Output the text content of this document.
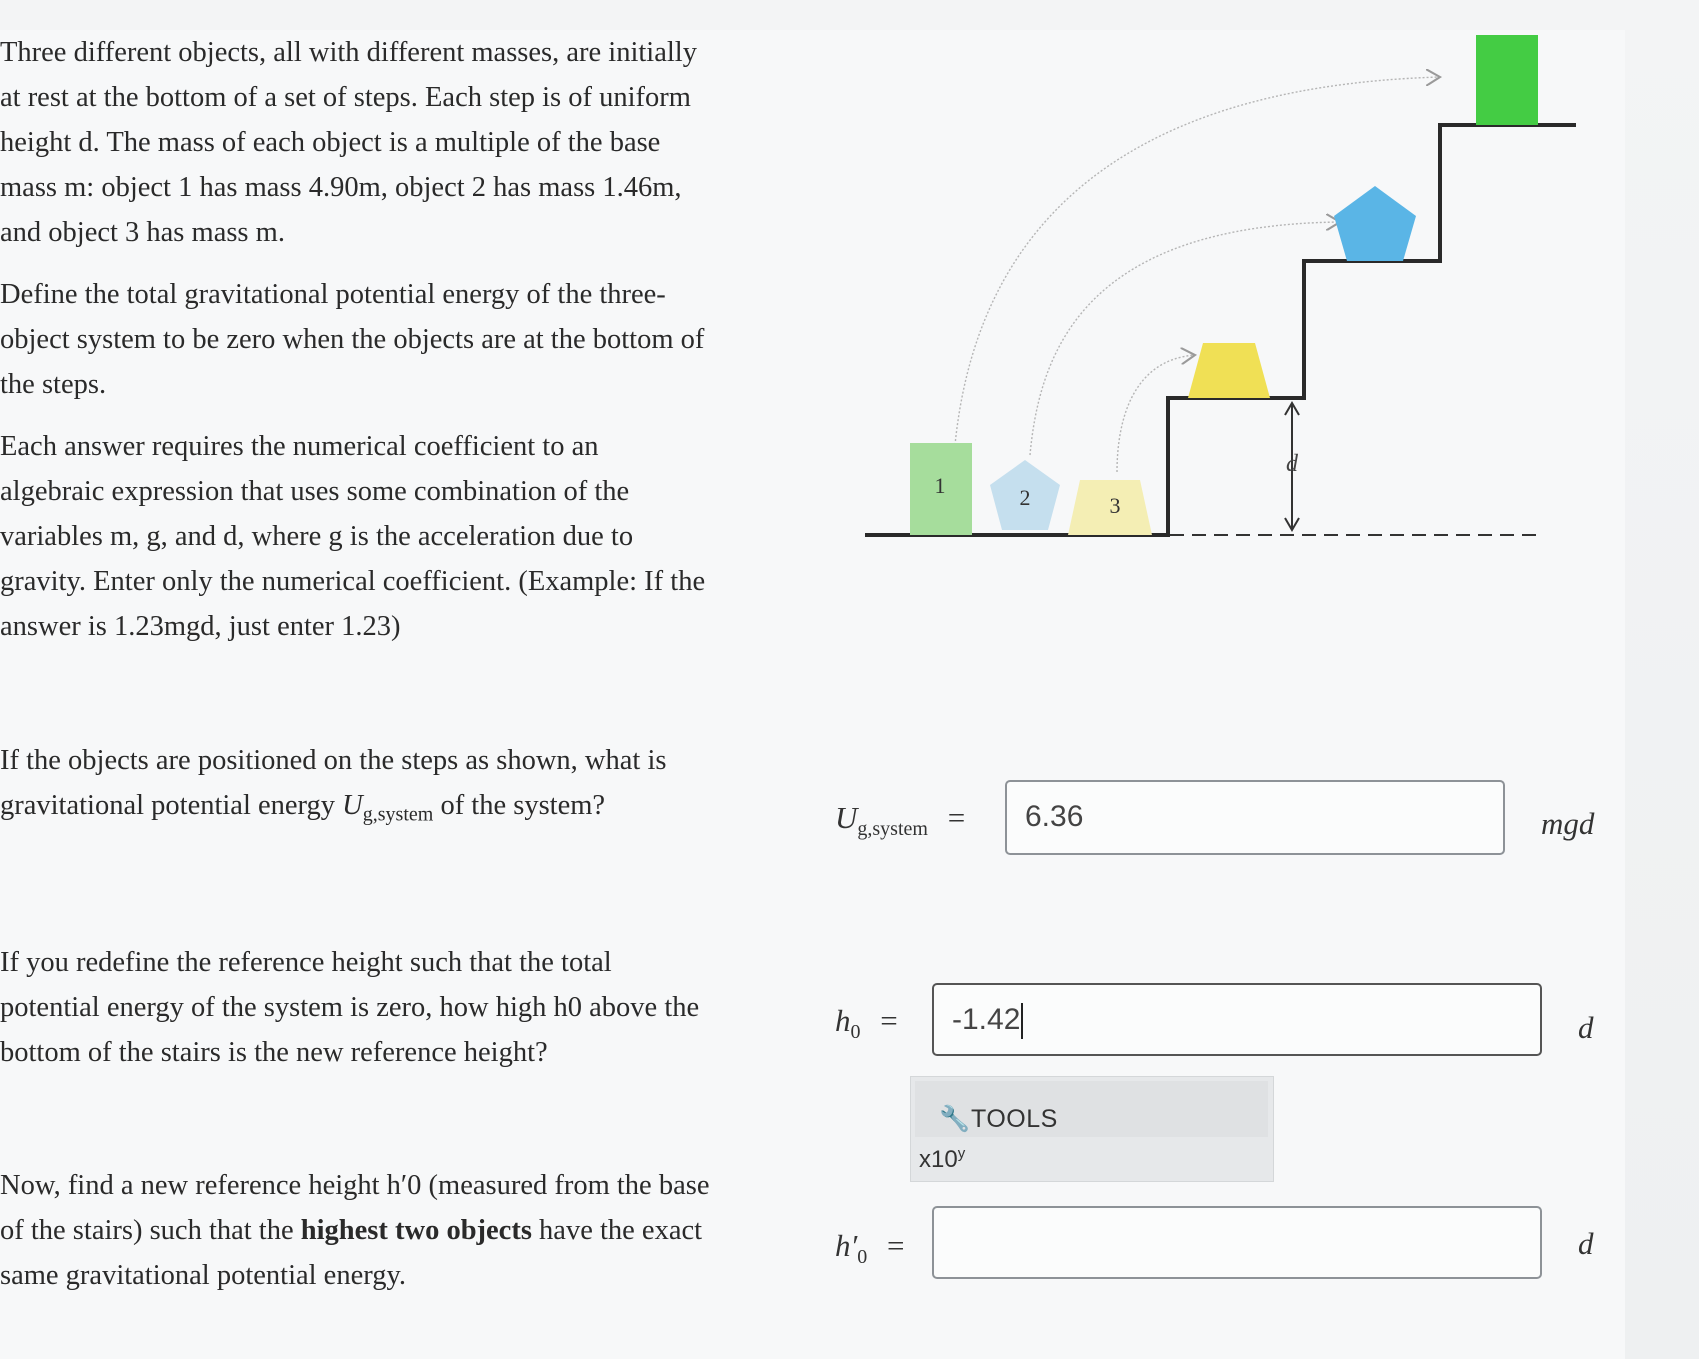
Three different objects, all with different masses, are initially
at rest at the bottom of a set of steps. Each step is of uniform
height d. The mass of each object is a multiple of the base
mass m: object 1 has mass 4.90m, object 2 has mass 1.46m,
and object 3 has mass m.
Define the total gravitational potential energy of the three-
object system to be zero when the objects are at the bottom of
the steps.
Each answer requires the numerical coefficient to an
algebraic expression that uses some combination of the
variables m, g, and d, where g is the acceleration due to
gravity. Enter only the numerical coefficient. (Example: If the
answer is 1.23mgd, just enter 1.23)
If the objects are positioned on the steps as shown, what is
gravitational potential energy $U_{g,system}$ of the system?	$U_{g,system}$ =	6.36	mgd
If you redefine the reference height such that the total
potential energy of the system is zero, how high h0 above the
bottom of the stairs is the new reference height?
$h_0$ =	-1.42	d
🔧 TOOLS
x10$^y$
Now, find a new reference height h′0 (measured from the base
of the stairs) such that the highest two objects have the exact
same gravitational potential energy.
$h'_0$ =	d
1	2	3
d
